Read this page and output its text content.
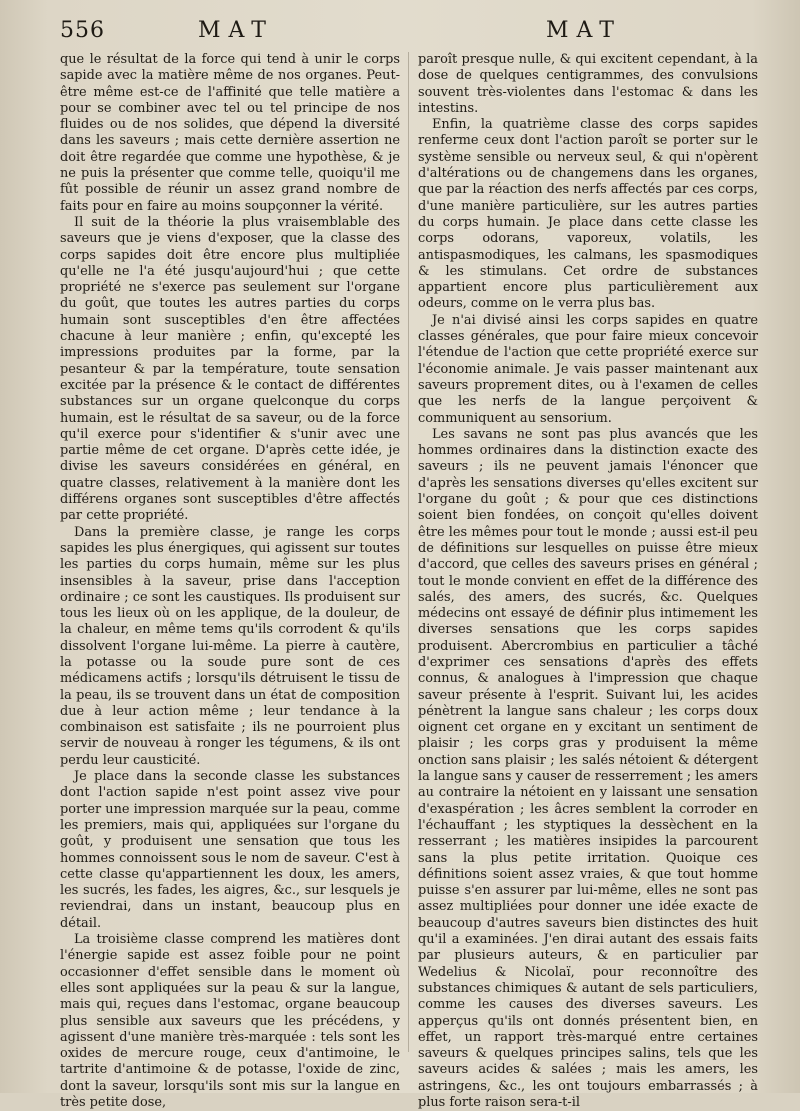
556	MAT	MAT

que le résultat de la force qui tend à unir le corps sapide avec la matière même de nos organes. Peut-être même est-ce de l'affinité que telle matière a pour se combiner avec tel ou tel principe de nos fluides ou de nos solides, que dépend la diversité dans les saveurs ; mais cette dernière assertion ne doit être regardée que comme une hypothèse, & je ne puis la présenter que comme telle, quoiqu'il me fût possible de réunir un assez grand nombre de faits pour en faire au moins soupçonner la vérité.

Il suit de la théorie la plus vraisemblable des saveurs que je viens d'exposer, que la classe des corps sapides doit être encore plus multipliée qu'elle ne l'a été jusqu'aujourd'hui ; que cette propriété ne s'exerce pas seulement sur l'organe du goût, que toutes les autres parties du corps humain sont susceptibles d'en être affectées chacune à leur manière ; enfin, qu'excepté les impressions produites par la forme, par la pesanteur & par la température, toute sensation excitée par la présence & le contact de différentes substances sur un organe quelconque du corps humain, est le résultat de sa saveur, ou de la force qu'il exerce pour s'identifier & s'unir avec une partie même de cet organe. D'après cette idée, je divise les saveurs considérées en général, en quatre classes, relativement à la manière dont les différens organes sont susceptibles d'être affectés par cette propriété.

Dans la première classe, je range les corps sapides les plus énergiques, qui agissent sur toutes les parties du corps humain, même sur les plus insensibles à la saveur, prise dans l'acception ordinaire ; ce sont les caustiques. Ils produisent sur tous les lieux où on les applique, de la douleur, de la chaleur, en même tems qu'ils corrodent & qu'ils dissolvent l'organe lui-même. La pierre à cautère, la potasse ou la soude pure sont de ces médicamens actifs ; lorsqu'ils détruisent le tissu de la peau, ils se trouvent dans un état de composition due à leur action même ; leur tendance à la combinaison est satisfaite ; ils ne pourroient plus servir de nouveau à ronger les tégumens, & ils ont perdu leur causticité.

Je place dans la seconde classe les substances dont l'action sapide n'est point assez vive pour porter une impression marquée sur la peau, comme les premiers, mais qui, appliquées sur l'organe du goût, y produisent une sensation que tous les hommes connoissent sous le nom de saveur. C'est à cette classe qu'appartiennent les doux, les amers, les sucrés, les fades, les aigres, &c., sur lesquels je reviendrai, dans un instant, beaucoup plus en détail.

La troisième classe comprend les matières dont l'énergie sapide est assez foible pour ne point occasionner d'effet sensible dans le moment où elles sont appliquées sur la peau & sur la langue, mais qui, reçues dans l'estomac, organe beaucoup plus sensible aux saveurs que les précédens, y agissent d'une manière très-marquée : tels sont les oxides de mercure rouge, ceux d'antimoine, le tartrite d'antimoine & de potasse, l'oxide de zinc, dont la saveur, lorsqu'ils sont mis sur la langue en très petite dose,

paroît presque nulle, & qui excitent cependant, à la dose de quelques centigrammes, des convulsions souvent très-violentes dans l'estomac & dans les intestins.

Enfin, la quatrième classe des corps sapides renferme ceux dont l'action paroît se porter sur le système sensible ou nerveux seul, & qui n'opèrent d'altérations ou de changemens dans les organes, que par la réaction des nerfs affectés par ces corps, d'une manière particulière, sur les autres parties du corps humain. Je place dans cette classe les corps odorans, vaporeux, volatils, les antispasmodiques, les calmans, les spasmodiques & les stimulans. Cet ordre de substances appartient encore plus particulièrement aux odeurs, comme on le verra plus bas.

Je n'ai divisé ainsi les corps sapides en quatre classes générales, que pour faire mieux concevoir l'étendue de l'action que cette propriété exerce sur l'économie animale. Je vais passer maintenant aux saveurs proprement dites, ou à l'examen de celles que les nerfs de la langue perçoivent & communiquent au sensorium.

Les savans ne sont pas plus avancés que les hommes ordinaires dans la distinction exacte des saveurs ; ils ne peuvent jamais l'énoncer que d'après les sensations diverses qu'elles excitent sur l'organe du goût ; & pour que ces distinctions soient bien fondées, on conçoit qu'elles doivent être les mêmes pour tout le monde ; aussi est-il peu de définitions sur lesquelles on puisse être mieux d'accord, que celles des saveurs prises en général ; tout le monde convient en effet de la différence des salés, des amers, des sucrés, &c. Quelques médecins ont essayé de définir plus intimement les diverses sensations que les corps sapides produisent. Abercrombius en particulier a tâché d'exprimer ces sensations d'après des effets connus, & analogues à l'impression que chaque saveur présente à l'esprit. Suivant lui, les acides pénètrent la langue sans chaleur ; les corps doux oignent cet organe en y excitant un sentiment de plaisir ; les corps gras y produisent la même onction sans plaisir ; les salés nétoient & détergent la langue sans y causer de resserrement ; les amers au contraire la nétoient en y laissant une sensation d'exaspération ; les âcres semblent la corroder en l'échauffant ; les styptiques la dessèchent en la resserrant ; les matières insipides la parcourent sans la plus petite irritation. Quoique ces définitions soient assez vraies, & que tout homme puisse s'en assurer par lui-même, elles ne sont pas assez multipliées pour donner une idée exacte de beaucoup d'autres saveurs bien distinctes des huit qu'il a examinées. J'en dirai autant des essais faits par plusieurs auteurs, & en particulier par Wedelius & Nicolaï, pour reconnoître des substances chimiques & autant de sels particuliers, comme les causes des diverses saveurs. Les apperçus qu'ils ont donnés présentent bien, en effet, un rapport très-marqué entre certaines saveurs & quelques principes salins, tels que les saveurs acides & salées ; mais les amers, les astringens, &c., les ont toujours embarrassés ; à plus forte raison sera-t-il
